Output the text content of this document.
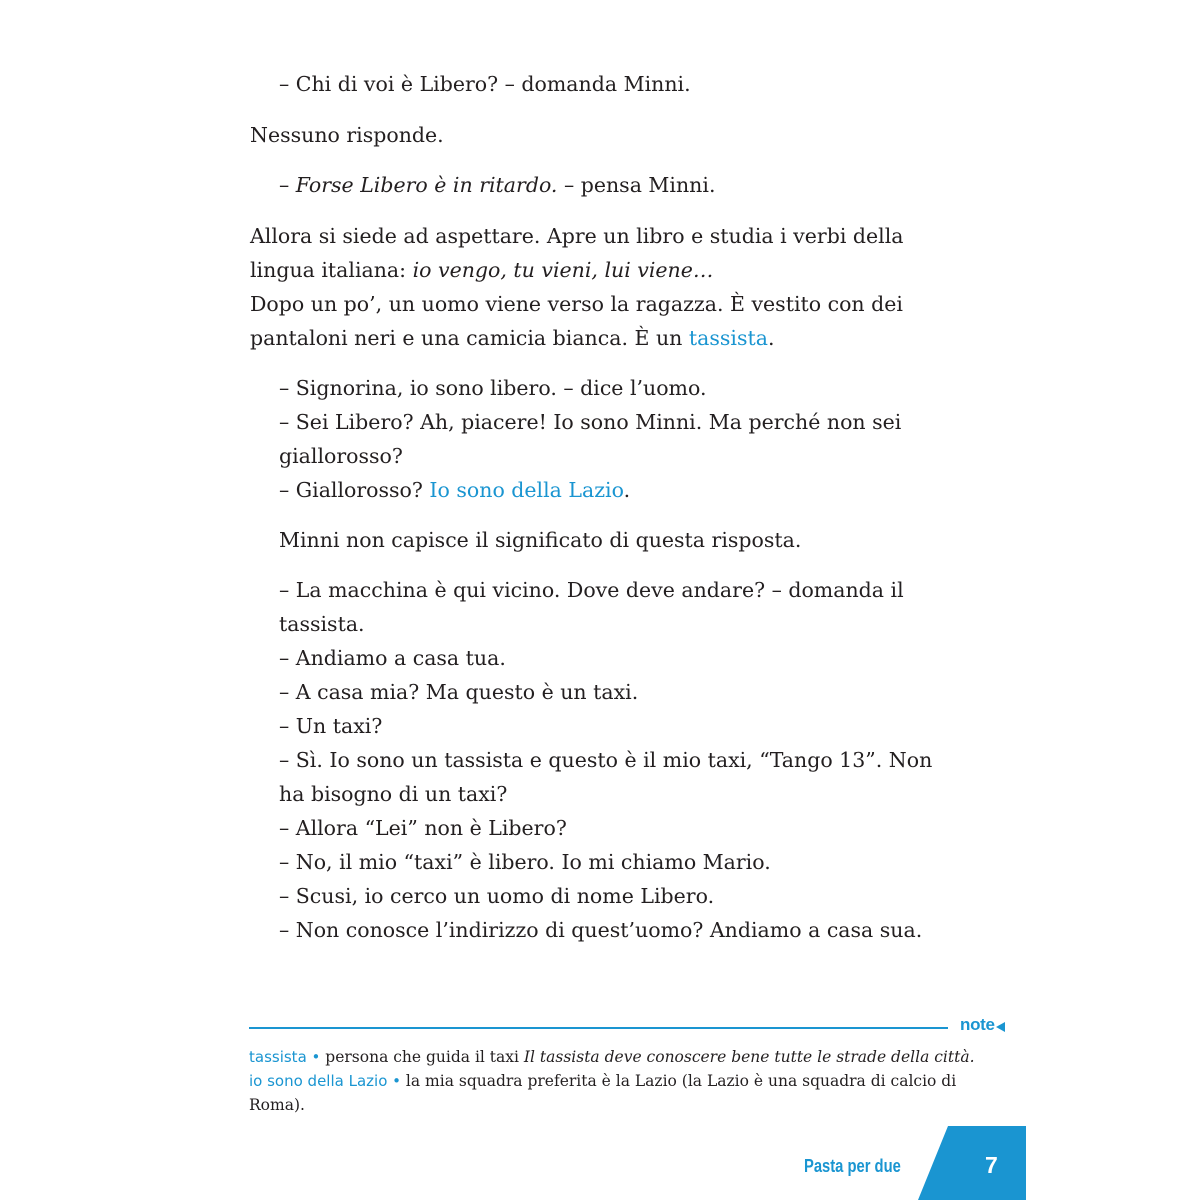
– Chi di voi è Libero? – domanda Minni.
Nessuno risponde.
– Forse Libero è in ritardo. – pensa Minni.
Allora si siede ad aspettare. Apre un libro e studia i verbi della
lingua italiana: io vengo, tu vieni, lui viene…
Dopo un po’, un uomo viene verso la ragazza. È vestito con dei
pantaloni neri e una camicia bianca. È un tassista.
– Signorina, io sono libero. – dice l’uomo.
– Sei Libero? Ah, piacere! Io sono Minni. Ma perché non sei
giallorosso?
– Giallorosso? Io sono della Lazio.
Minni non capisce il significato di questa risposta.
– La macchina è qui vicino. Dove deve andare? – domanda il
tassista.
– Andiamo a casa tua.
– A casa mia? Ma questo è un taxi.
– Un taxi?
– Sì. Io sono un tassista e questo è il mio taxi, “Tango 13”. Non
ha bisogno di un taxi?
– Allora “Lei” non è Libero?
– No, il mio “taxi” è libero. Io mi chiamo Mario.
– Scusi, io cerco un uomo di nome Libero.
– Non conosce l’indirizzo di quest’uomo? Andiamo a casa sua.
note
tassista • persona che guida il taxi Il tassista deve conoscere bene tutte le strade della città.
io sono della Lazio • la mia squadra preferita è la Lazio (la Lazio è una squadra di calcio di
Roma).
Pasta per due	7
